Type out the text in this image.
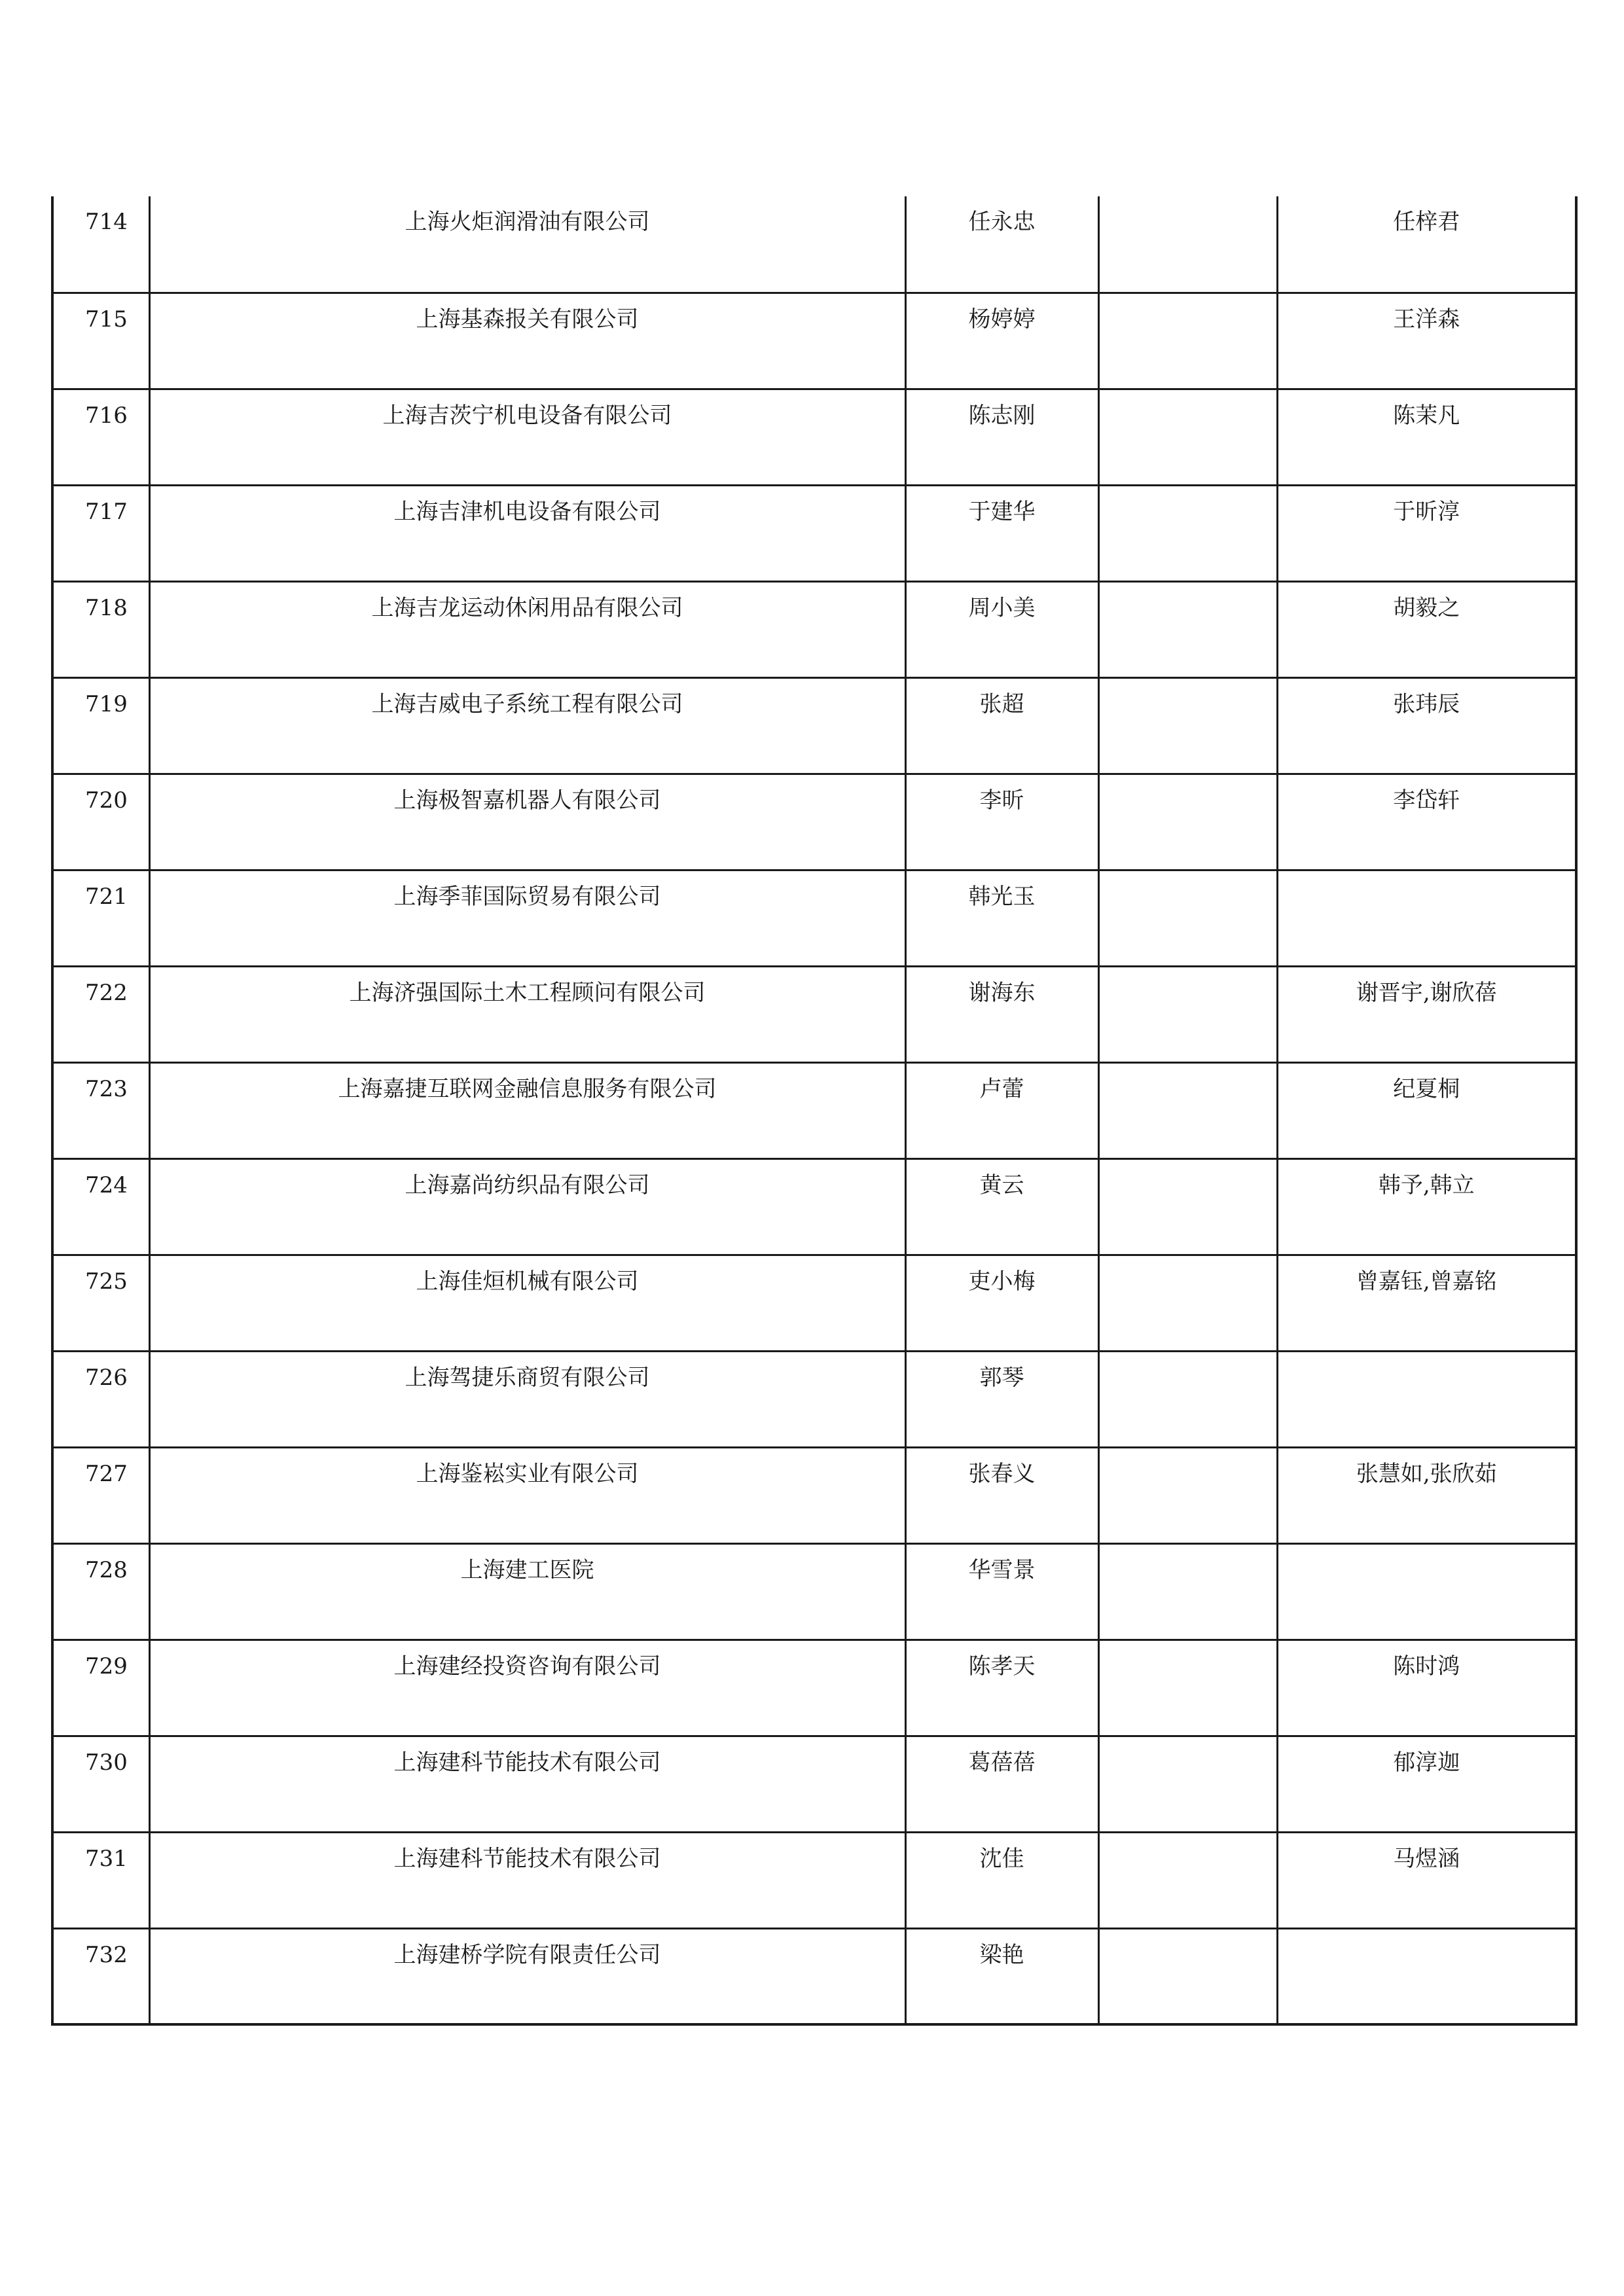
714	上海火炬润滑油有限公司	任永忠		任梓君
715	上海基森报关有限公司	杨婷婷		王洋森
716	上海吉茨宁机电设备有限公司	陈志刚		陈茉凡
717	上海吉津机电设备有限公司	于建华		于昕淳
718	上海吉龙运动休闲用品有限公司	周小美		胡毅之
719	上海吉威电子系统工程有限公司	张超		张玮辰
720	上海极智嘉机器人有限公司	李昕		李岱轩
721	上海季菲国际贸易有限公司	韩光玉		
722	上海济强国际土木工程顾问有限公司	谢海东		谢晋宇,谢欣蓓
723	上海嘉捷互联网金融信息服务有限公司	卢蕾		纪夏桐
724	上海嘉尚纺织品有限公司	黄云		韩予,韩立
725	上海佳烜机械有限公司	吏小梅		曾嘉钰,曾嘉铭
726	上海驾捷乐商贸有限公司	郭琴		
727	上海鉴崧实业有限公司	张春义		张慧如,张欣茹
728	上海建工医院	华雪景		
729	上海建经投资咨询有限公司	陈孝天		陈时鸿
730	上海建科节能技术有限公司	葛蓓蓓		郁淳迦
731	上海建科节能技术有限公司	沈佳		马煜涵
732	上海建桥学院有限责任公司	梁艳		
